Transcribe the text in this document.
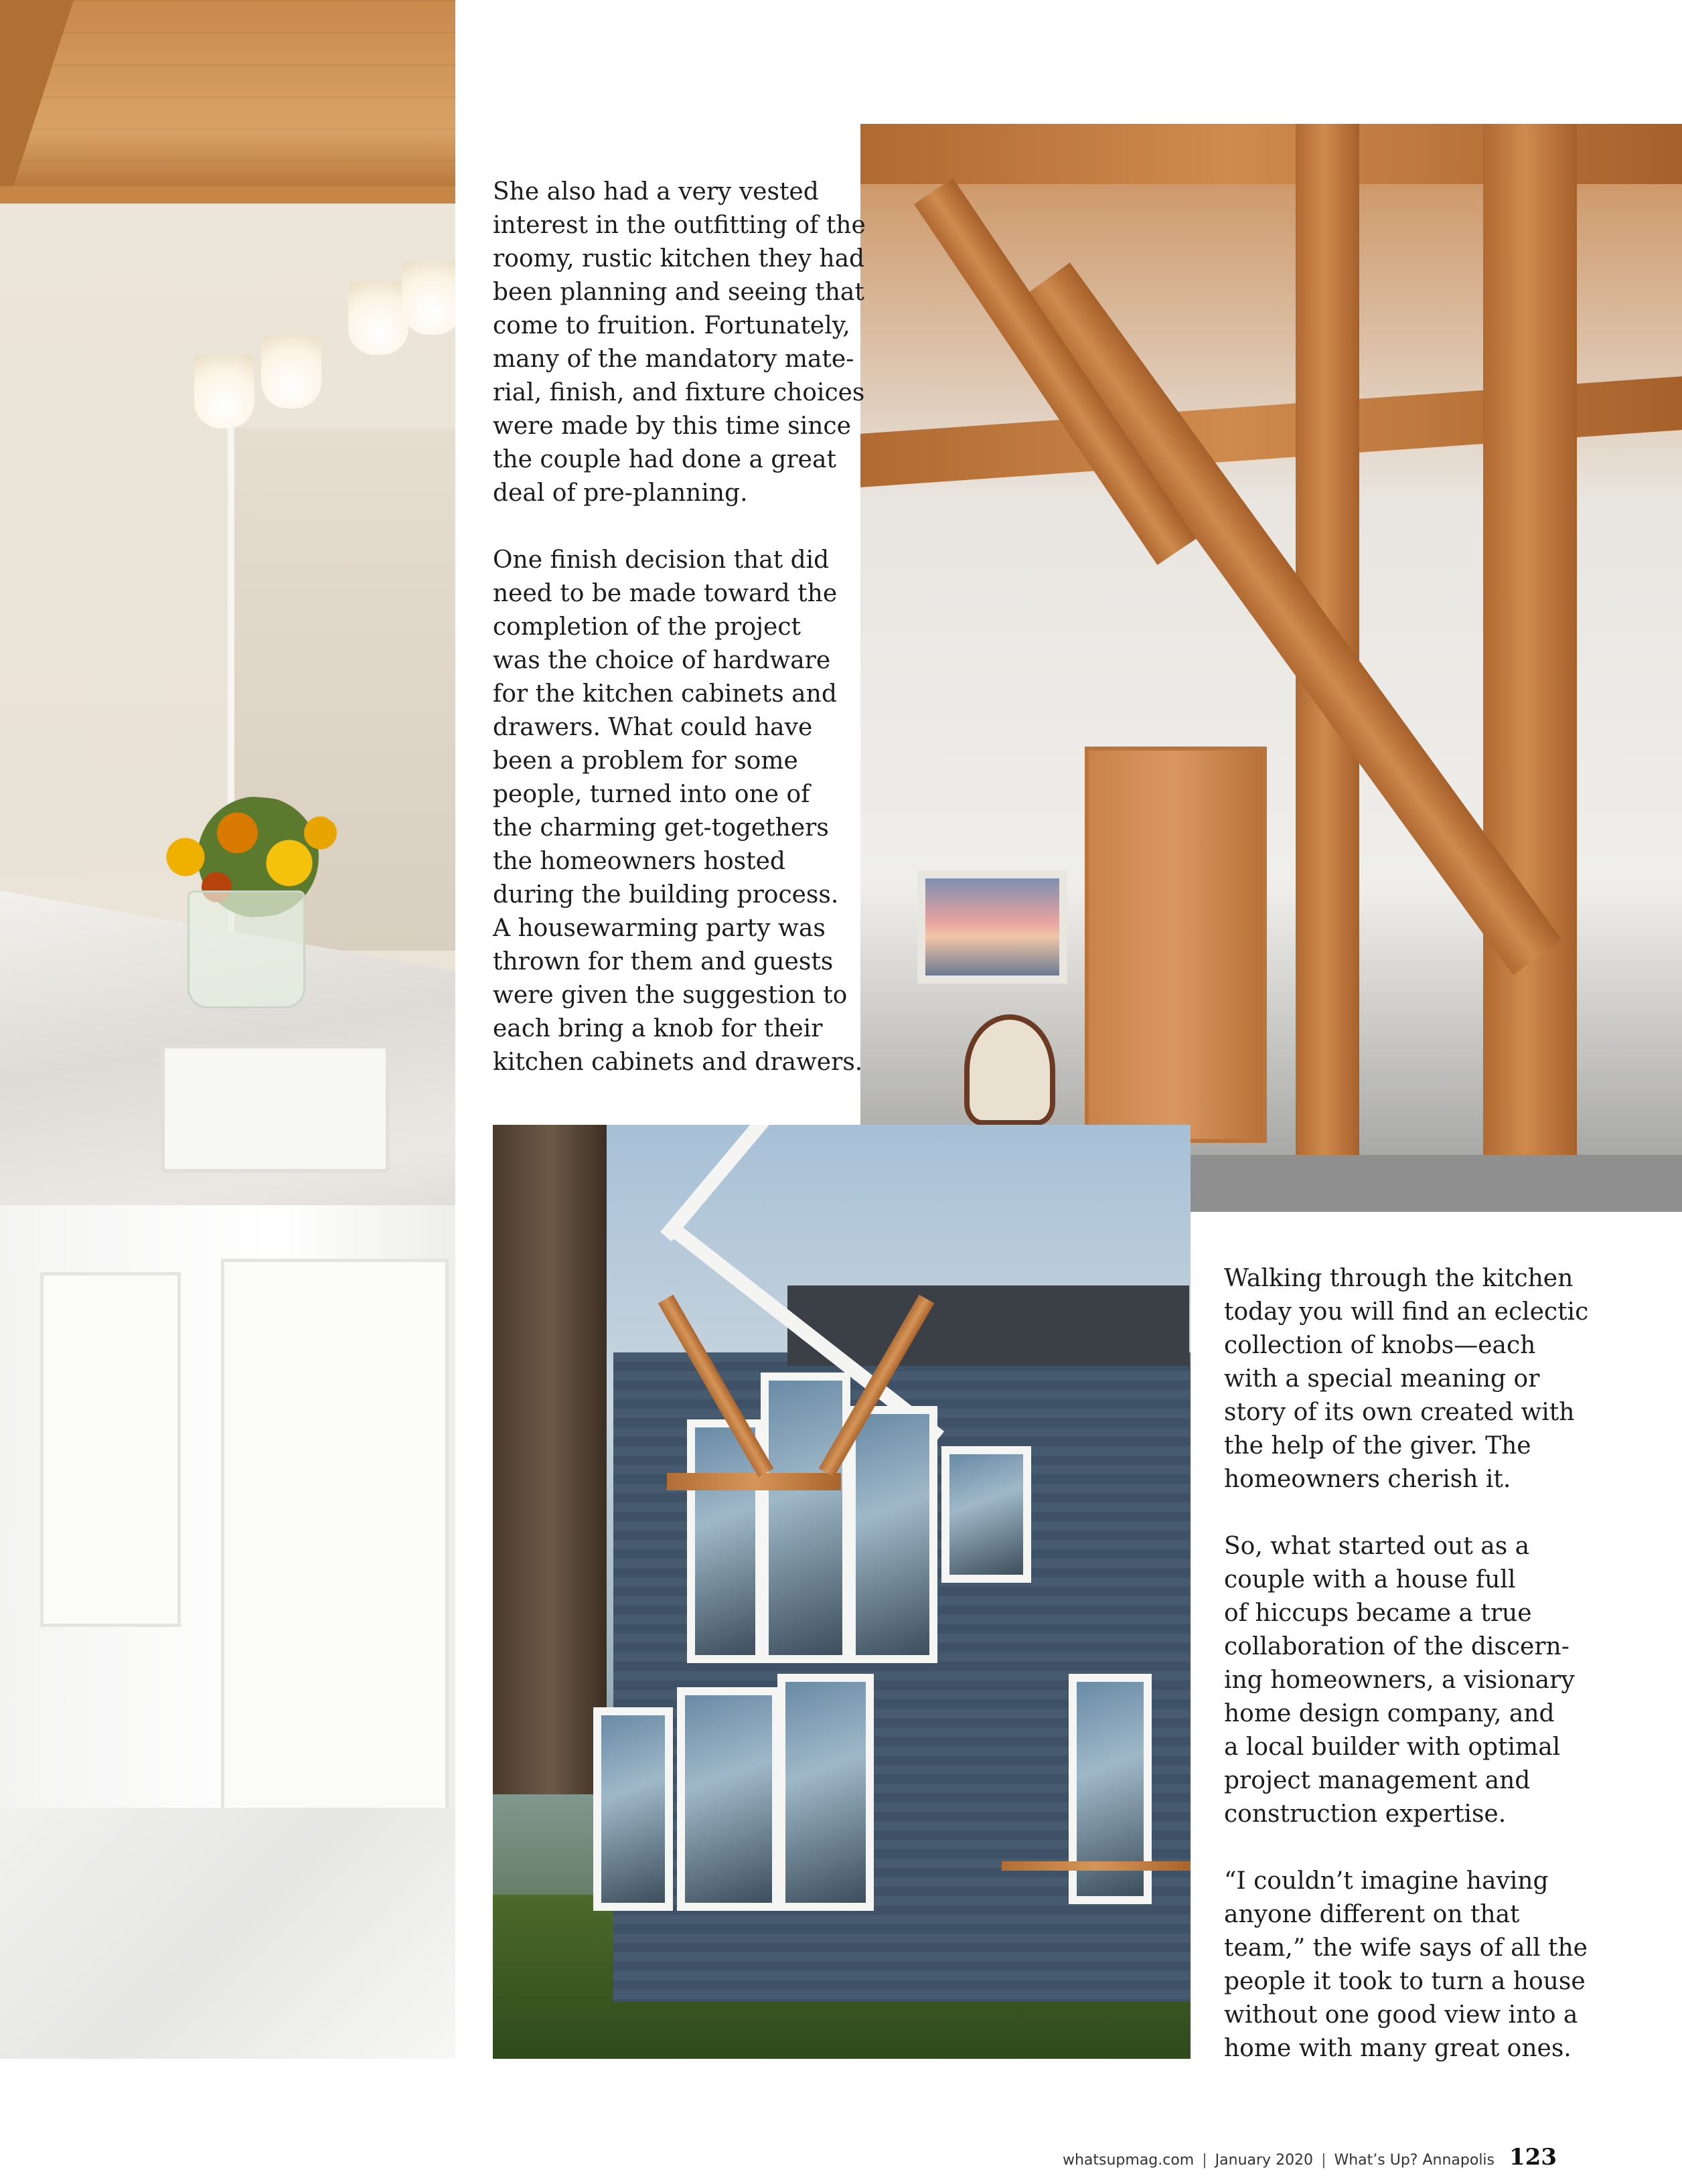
She also had a very vested
interest in the outfitting of the
roomy, rustic kitchen they had
been planning and seeing that
come to fruition. Fortunately,
many of the mandatory mate-
rial, finish, and fixture choices
were made by this time since
the couple had done a great
deal of pre-planning.

One finish decision that did
need to be made toward the
completion of the project
was the choice of hardware
for the kitchen cabinets and
drawers. What could have
been a problem for some
people, turned into one of
the charming get-togethers
the homeowners hosted
during the building process.
A housewarming party was
thrown for them and guests
were given the suggestion to
each bring a knob for their
kitchen cabinets and drawers.

Walking through the kitchen
today you will find an eclectic
collection of knobs—each
with a special meaning or
story of its own created with
the help of the giver. The
homeowners cherish it.

So, what started out as a
couple with a house full
of hiccups became a true
collaboration of the discern-
ing homeowners, a visionary
home design company, and
a local builder with optimal
project management and
construction expertise.

“I couldn’t imagine having
anyone different on that
team,” the wife says of all the
people it took to turn a house
without one good view into a
home with many great ones.

whatsupmag.com | January 2020 | What’s Up? Annapolis 123
